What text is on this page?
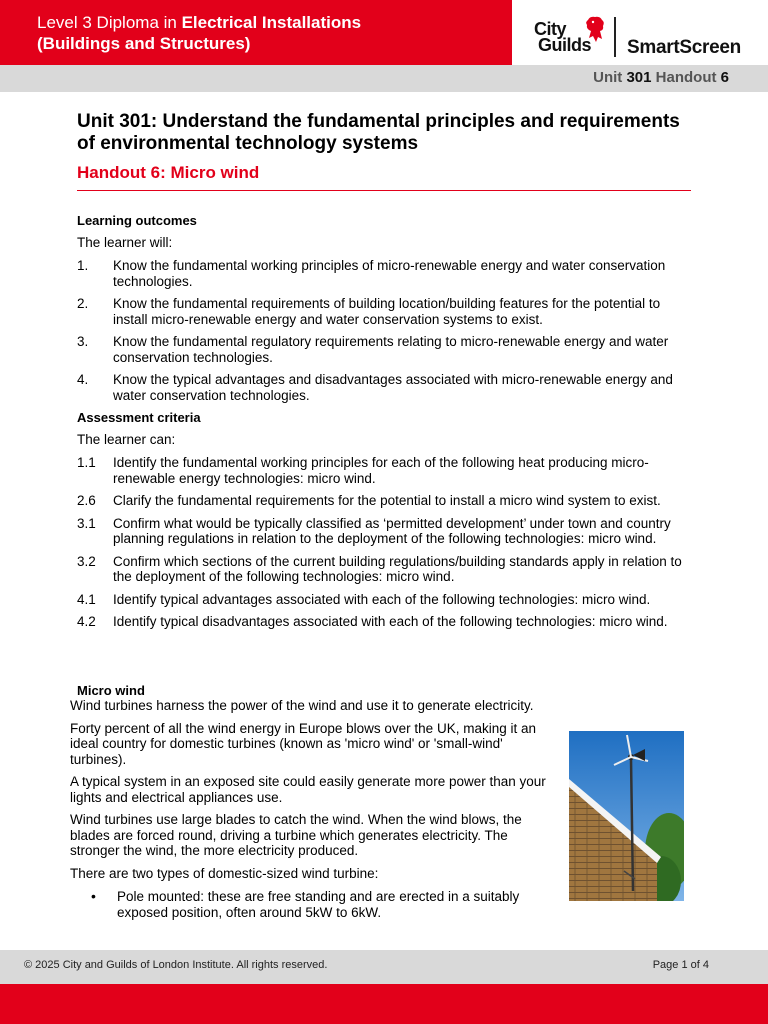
Level 3 Diploma in Electrical Installations
(Buildings and Structures)
City
Guilds SmartScreen
Unit 301 Handout 6
Unit 301: Understand the fundamental principles and requirements of environmental technology systems
Handout 6: Micro wind
Learning outcomes
The learner will:
1.	Know the fundamental working principles of micro-renewable energy and water conservation technologies.
2.	Know the fundamental requirements of building location/building features for the potential to install micro-renewable energy and water conservation systems to exist.
3.	Know the fundamental regulatory requirements relating to micro-renewable energy and water conservation technologies.
4.	Know the typical advantages and disadvantages associated with micro-renewable energy and water conservation technologies.
Assessment criteria
The learner can:
1.1	Identify the fundamental working principles for each of the following heat producing micro-renewable energy technologies: micro wind.
2.6	Clarify the fundamental requirements for the potential to install a micro wind system to exist.
3.1	Confirm what would be typically classified as ‘permitted development’ under town and country planning regulations in relation to the deployment of the following technologies: micro wind.
3.2	Confirm which sections of the current building regulations/building standards apply in relation to the deployment of the following technologies: micro wind.
4.1	Identify typical advantages associated with each of the following technologies: micro wind.
4.2	Identify typical disadvantages associated with each of the following technologies: micro wind.
Micro wind
Wind turbines harness the power of the wind and use it to generate electricity.
Forty percent of all the wind energy in Europe blows over the UK, making it an ideal country for domestic turbines (known as 'micro wind' or 'small-wind' turbines).
A typical system in an exposed site could easily generate more power than your lights and electrical appliances use.
Wind turbines use large blades to catch the wind. When the wind blows, the blades are forced round, driving a turbine which generates electricity. The stronger the wind, the more electricity produced.
There are two types of domestic-sized wind turbine:
•	Pole mounted: these are free standing and are erected in a suitably exposed position, often around 5kW to 6kW.
© 2025 City and Guilds of London Institute. All rights reserved.	Page 1 of 4
